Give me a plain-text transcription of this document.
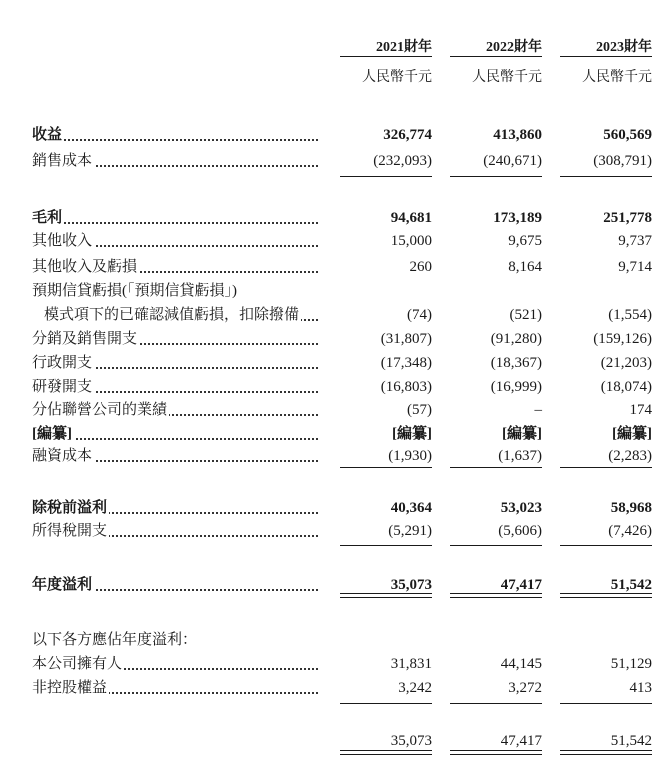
2021財年	2022財年	2023財年
人民幣千元	人民幣千元	人民幣千元
收益	326,774	413,860	560,569
銷售成本	(232,093)	(240,671)	(308,791)
毛利	94,681	173,189	251,778
其他收入	15,000	9,675	9,737
其他收入及虧損	260	8,164	9,714
預期信貸虧損(「預期信貸虧損」)
模式項下的已確認減值虧損，扣除撥備	(74)	(521)	(1,554)
分銷及銷售開支	(31,807)	(91,280)	(159,126)
行政開支	(17,348)	(18,367)	(21,203)
研發開支	(16,803)	(16,999)	(18,074)
分佔聯營公司的業績	(57)	–	174
[編纂]	[編纂]	[編纂]	[編纂]
融資成本	(1,930)	(1,637)	(2,283)
除稅前溢利	40,364	53,023	58,968
所得稅開支	(5,291)	(5,606)	(7,426)
年度溢利	35,073	47,417	51,542
以下各方應佔年度溢利：
本公司擁有人	31,831	44,145	51,129
非控股權益	3,242	3,272	413
35,073	47,417	51,542
